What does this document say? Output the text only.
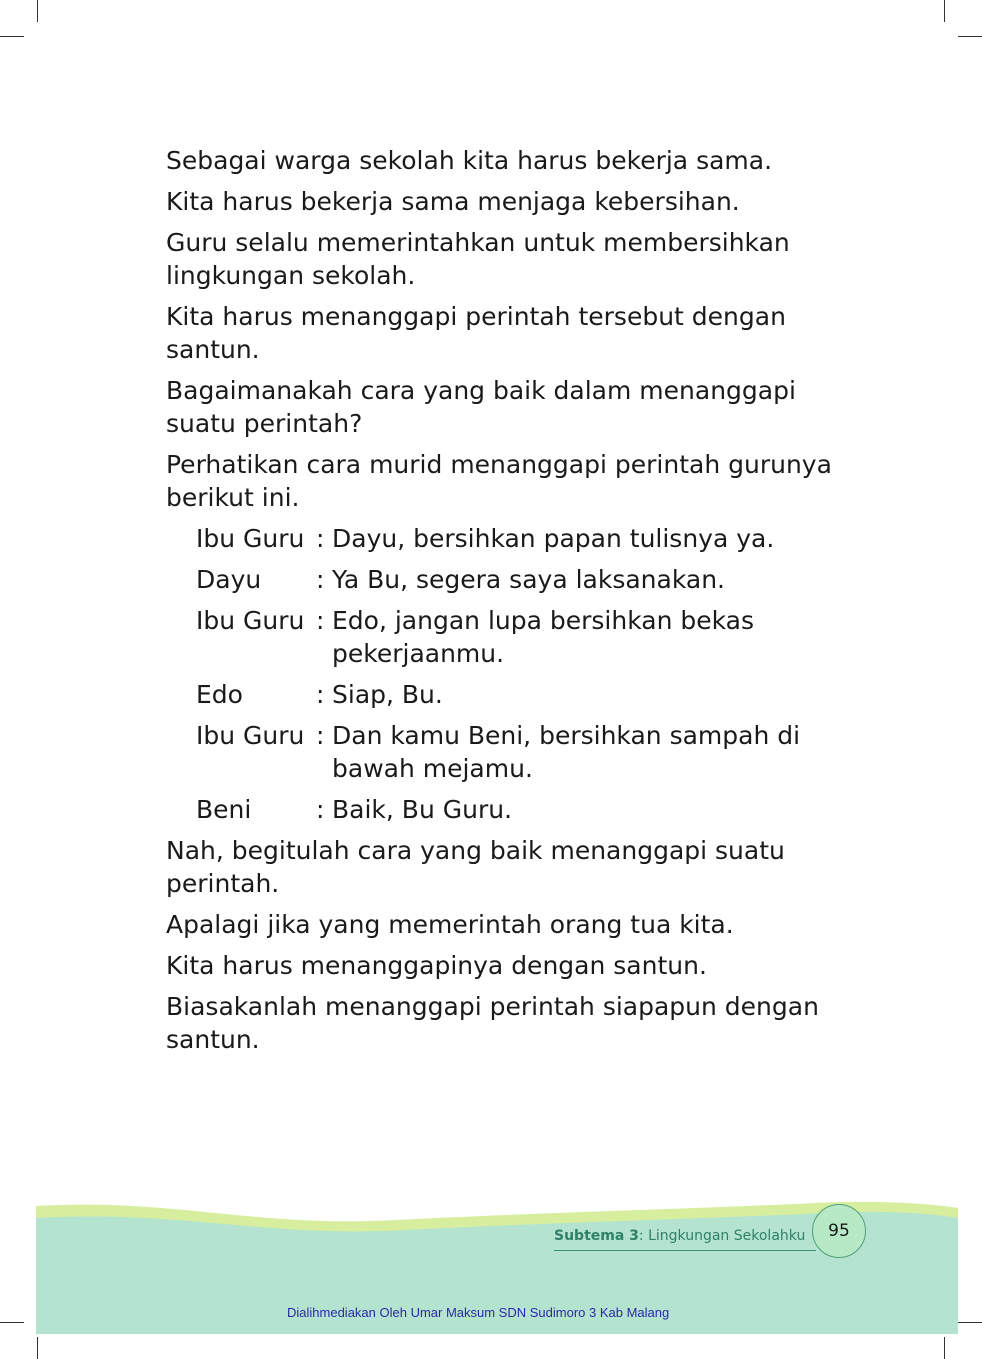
Sebagai warga sekolah kita harus bekerja sama.

Kita harus bekerja sama menjaga kebersihan.

Guru selalu memerintahkan untuk membersihkan lingkungan sekolah.

Kita harus menanggapi perintah tersebut dengan santun.

Bagaimanakah cara yang baik dalam menanggapi suatu perintah?

Perhatikan cara murid menanggapi perintah gurunya berikut ini.

Ibu Guru : Dayu, bersihkan papan tulisnya ya.
Dayu	: Ya Bu, segera saya laksanakan.
Ibu Guru : Edo, jangan lupa bersihkan bekas pekerjaanmu.
Edo	: Siap, Bu.
Ibu Guru : Dan kamu Beni, bersihkan sampah di bawah mejamu.
Beni	: Baik, Bu Guru.

Nah, begitulah cara yang baik menanggapi suatu perintah.

Apalagi jika yang memerintah orang tua kita.

Kita harus menanggapinya dengan santun.

Biasakanlah menanggapi perintah siapapun dengan santun.

Subtema 3: Lingkungan Sekolahku	95
Dialihmediakan Oleh Umar Maksum SDN Sudimoro 3 Kab Malang
